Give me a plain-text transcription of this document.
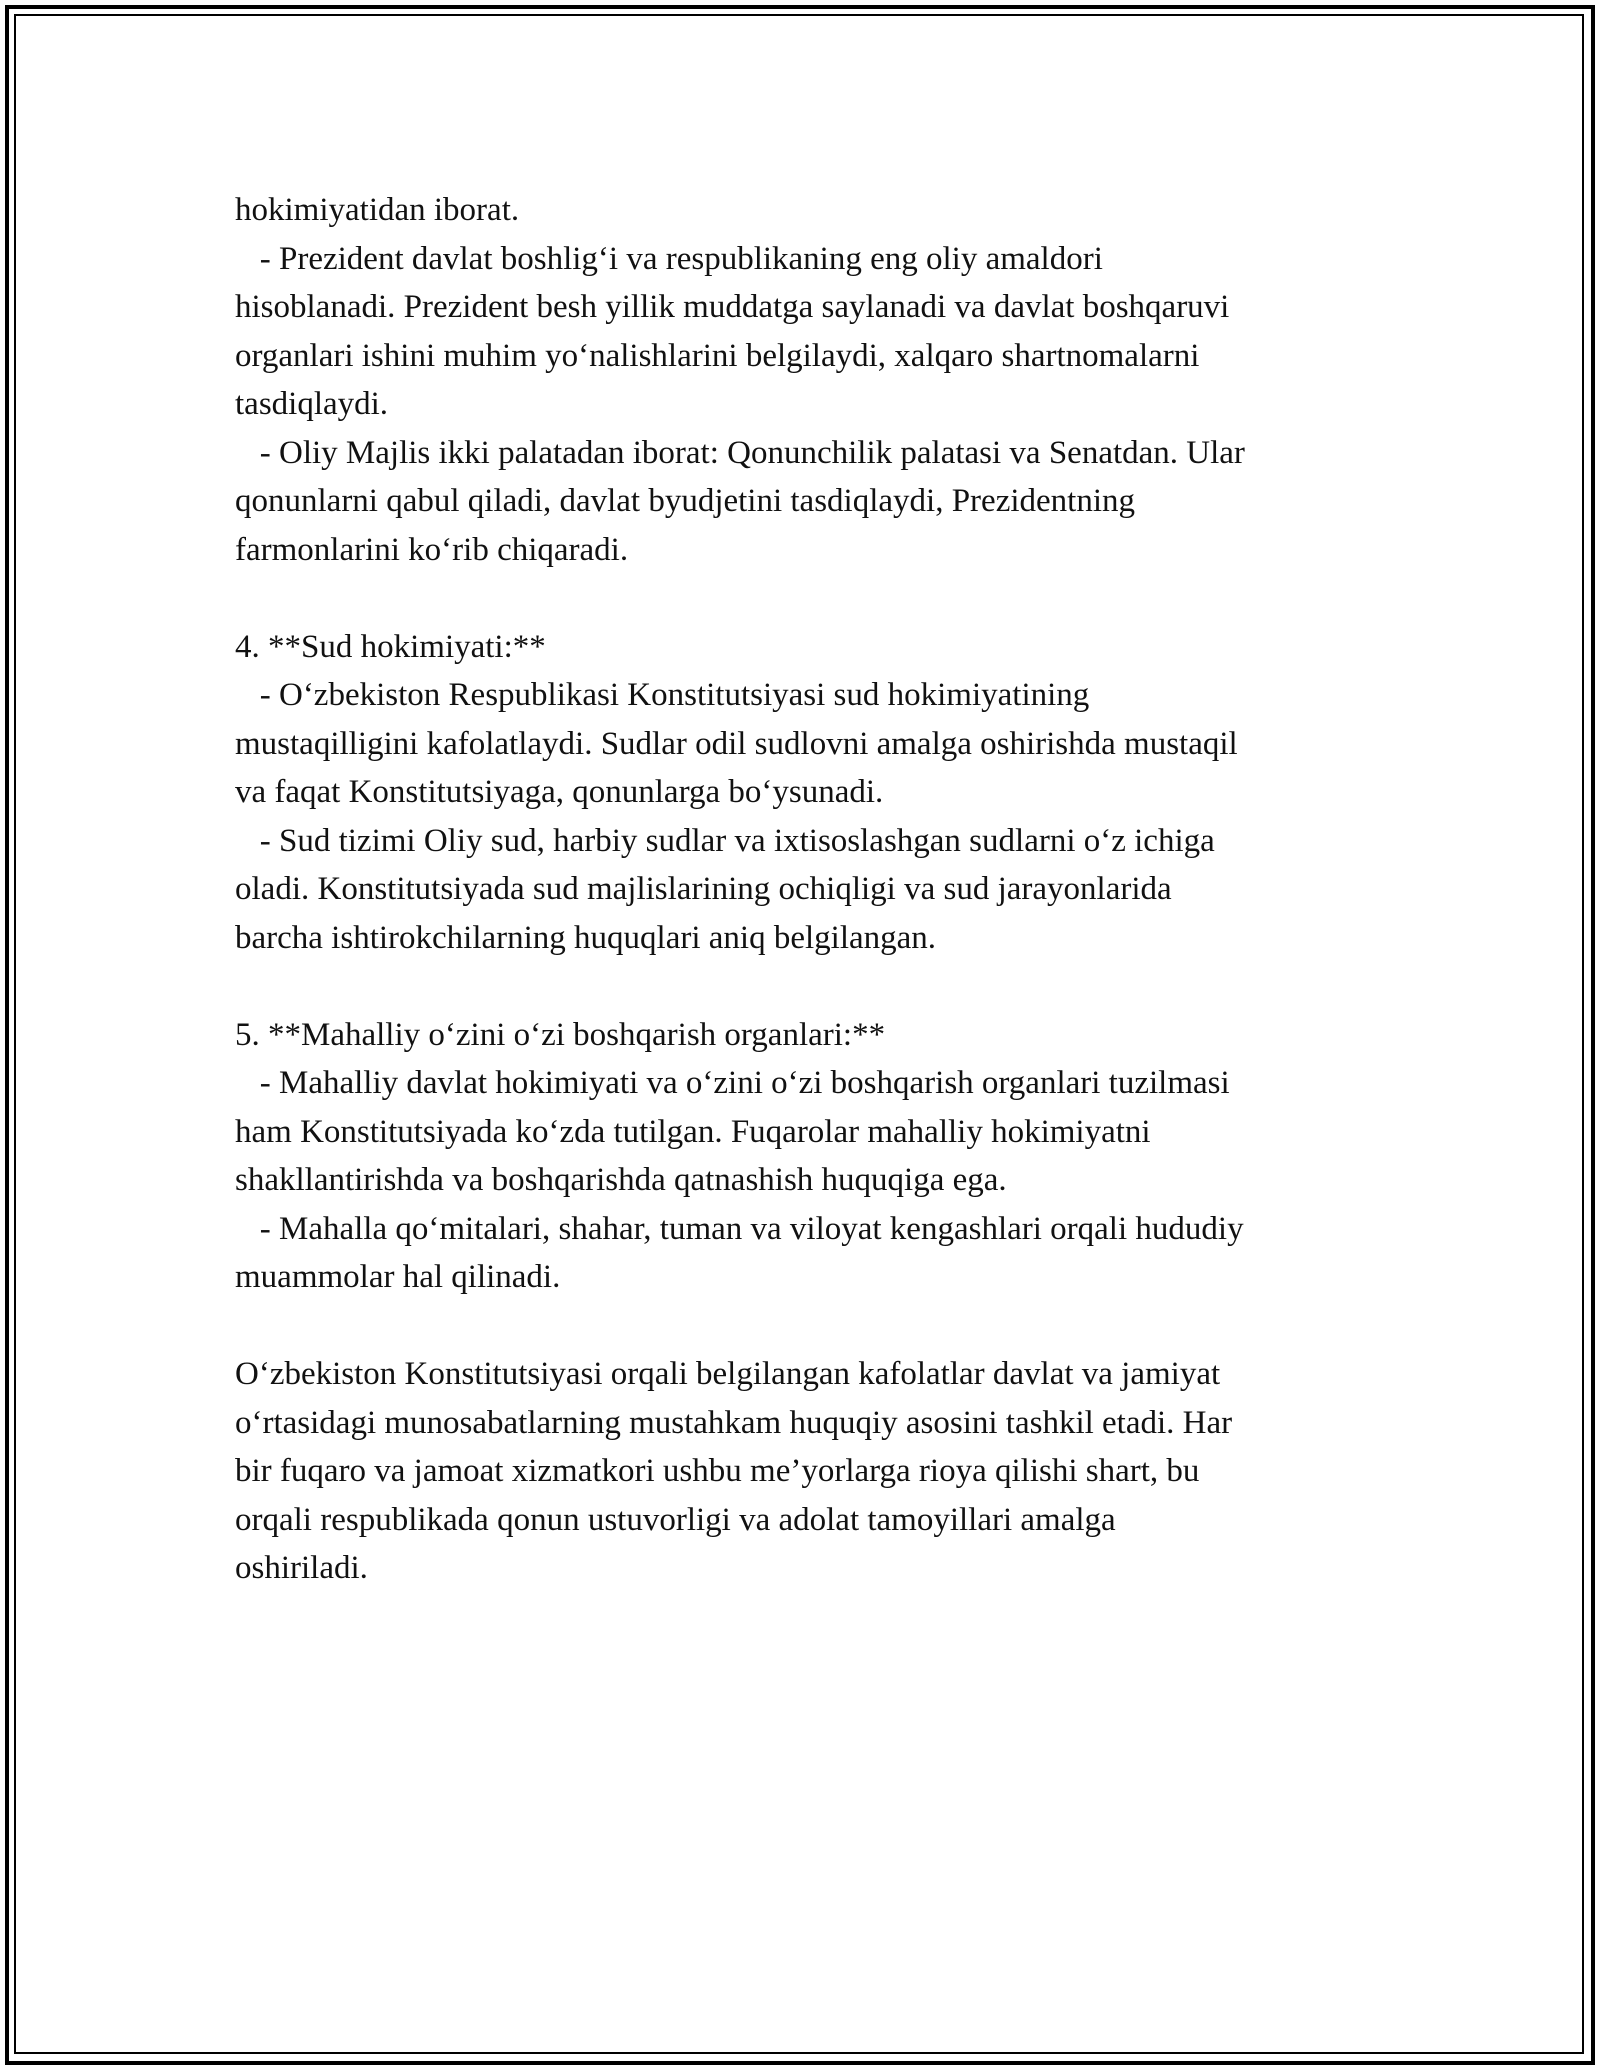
hokimiyatidan iborat.
- Prezident davlat boshlig‘i va respublikaning eng oliy amaldori
hisoblanadi. Prezident besh yillik muddatga saylanadi va davlat boshqaruvi
organlari ishini muhim yo‘nalishlarini belgilaydi, xalqaro shartnomalarni
tasdiqlaydi.
- Oliy Majlis ikki palatadan iborat: Qonunchilik palatasi va Senatdan. Ular
qonunlarni qabul qiladi, davlat byudjetini tasdiqlaydi, Prezidentning
farmonlarini ko‘rib chiqaradi.
4. **Sud hokimiyati:**
- O‘zbekiston Respublikasi Konstitutsiyasi sud hokimiyatining
mustaqilligini kafolatlaydi. Sudlar odil sudlovni amalga oshirishda mustaqil
va faqat Konstitutsiyaga, qonunlarga bo‘ysunadi.
- Sud tizimi Oliy sud, harbiy sudlar va ixtisoslashgan sudlarni o‘z ichiga
oladi. Konstitutsiyada sud majlislarining ochiqligi va sud jarayonlarida
barcha ishtirokchilarning huquqlari aniq belgilangan.
5. **Mahalliy o‘zini o‘zi boshqarish organlari:**
- Mahalliy davlat hokimiyati va o‘zini o‘zi boshqarish organlari tuzilmasi
ham Konstitutsiyada ko‘zda tutilgan. Fuqarolar mahalliy hokimiyatni
shakllantirishda va boshqarishda qatnashish huquqiga ega.
- Mahalla qo‘mitalari, shahar, tuman va viloyat kengashlari orqali hududiy
muammolar hal qilinadi.
O‘zbekiston Konstitutsiyasi orqali belgilangan kafolatlar davlat va jamiyat
o‘rtasidagi munosabatlarning mustahkam huquqiy asosini tashkil etadi. Har
bir fuqaro va jamoat xizmatkori ushbu me’yorlarga rioya qilishi shart, bu
orqali respublikada qonun ustuvorligi va adolat tamoyillari amalga
oshiriladi.
